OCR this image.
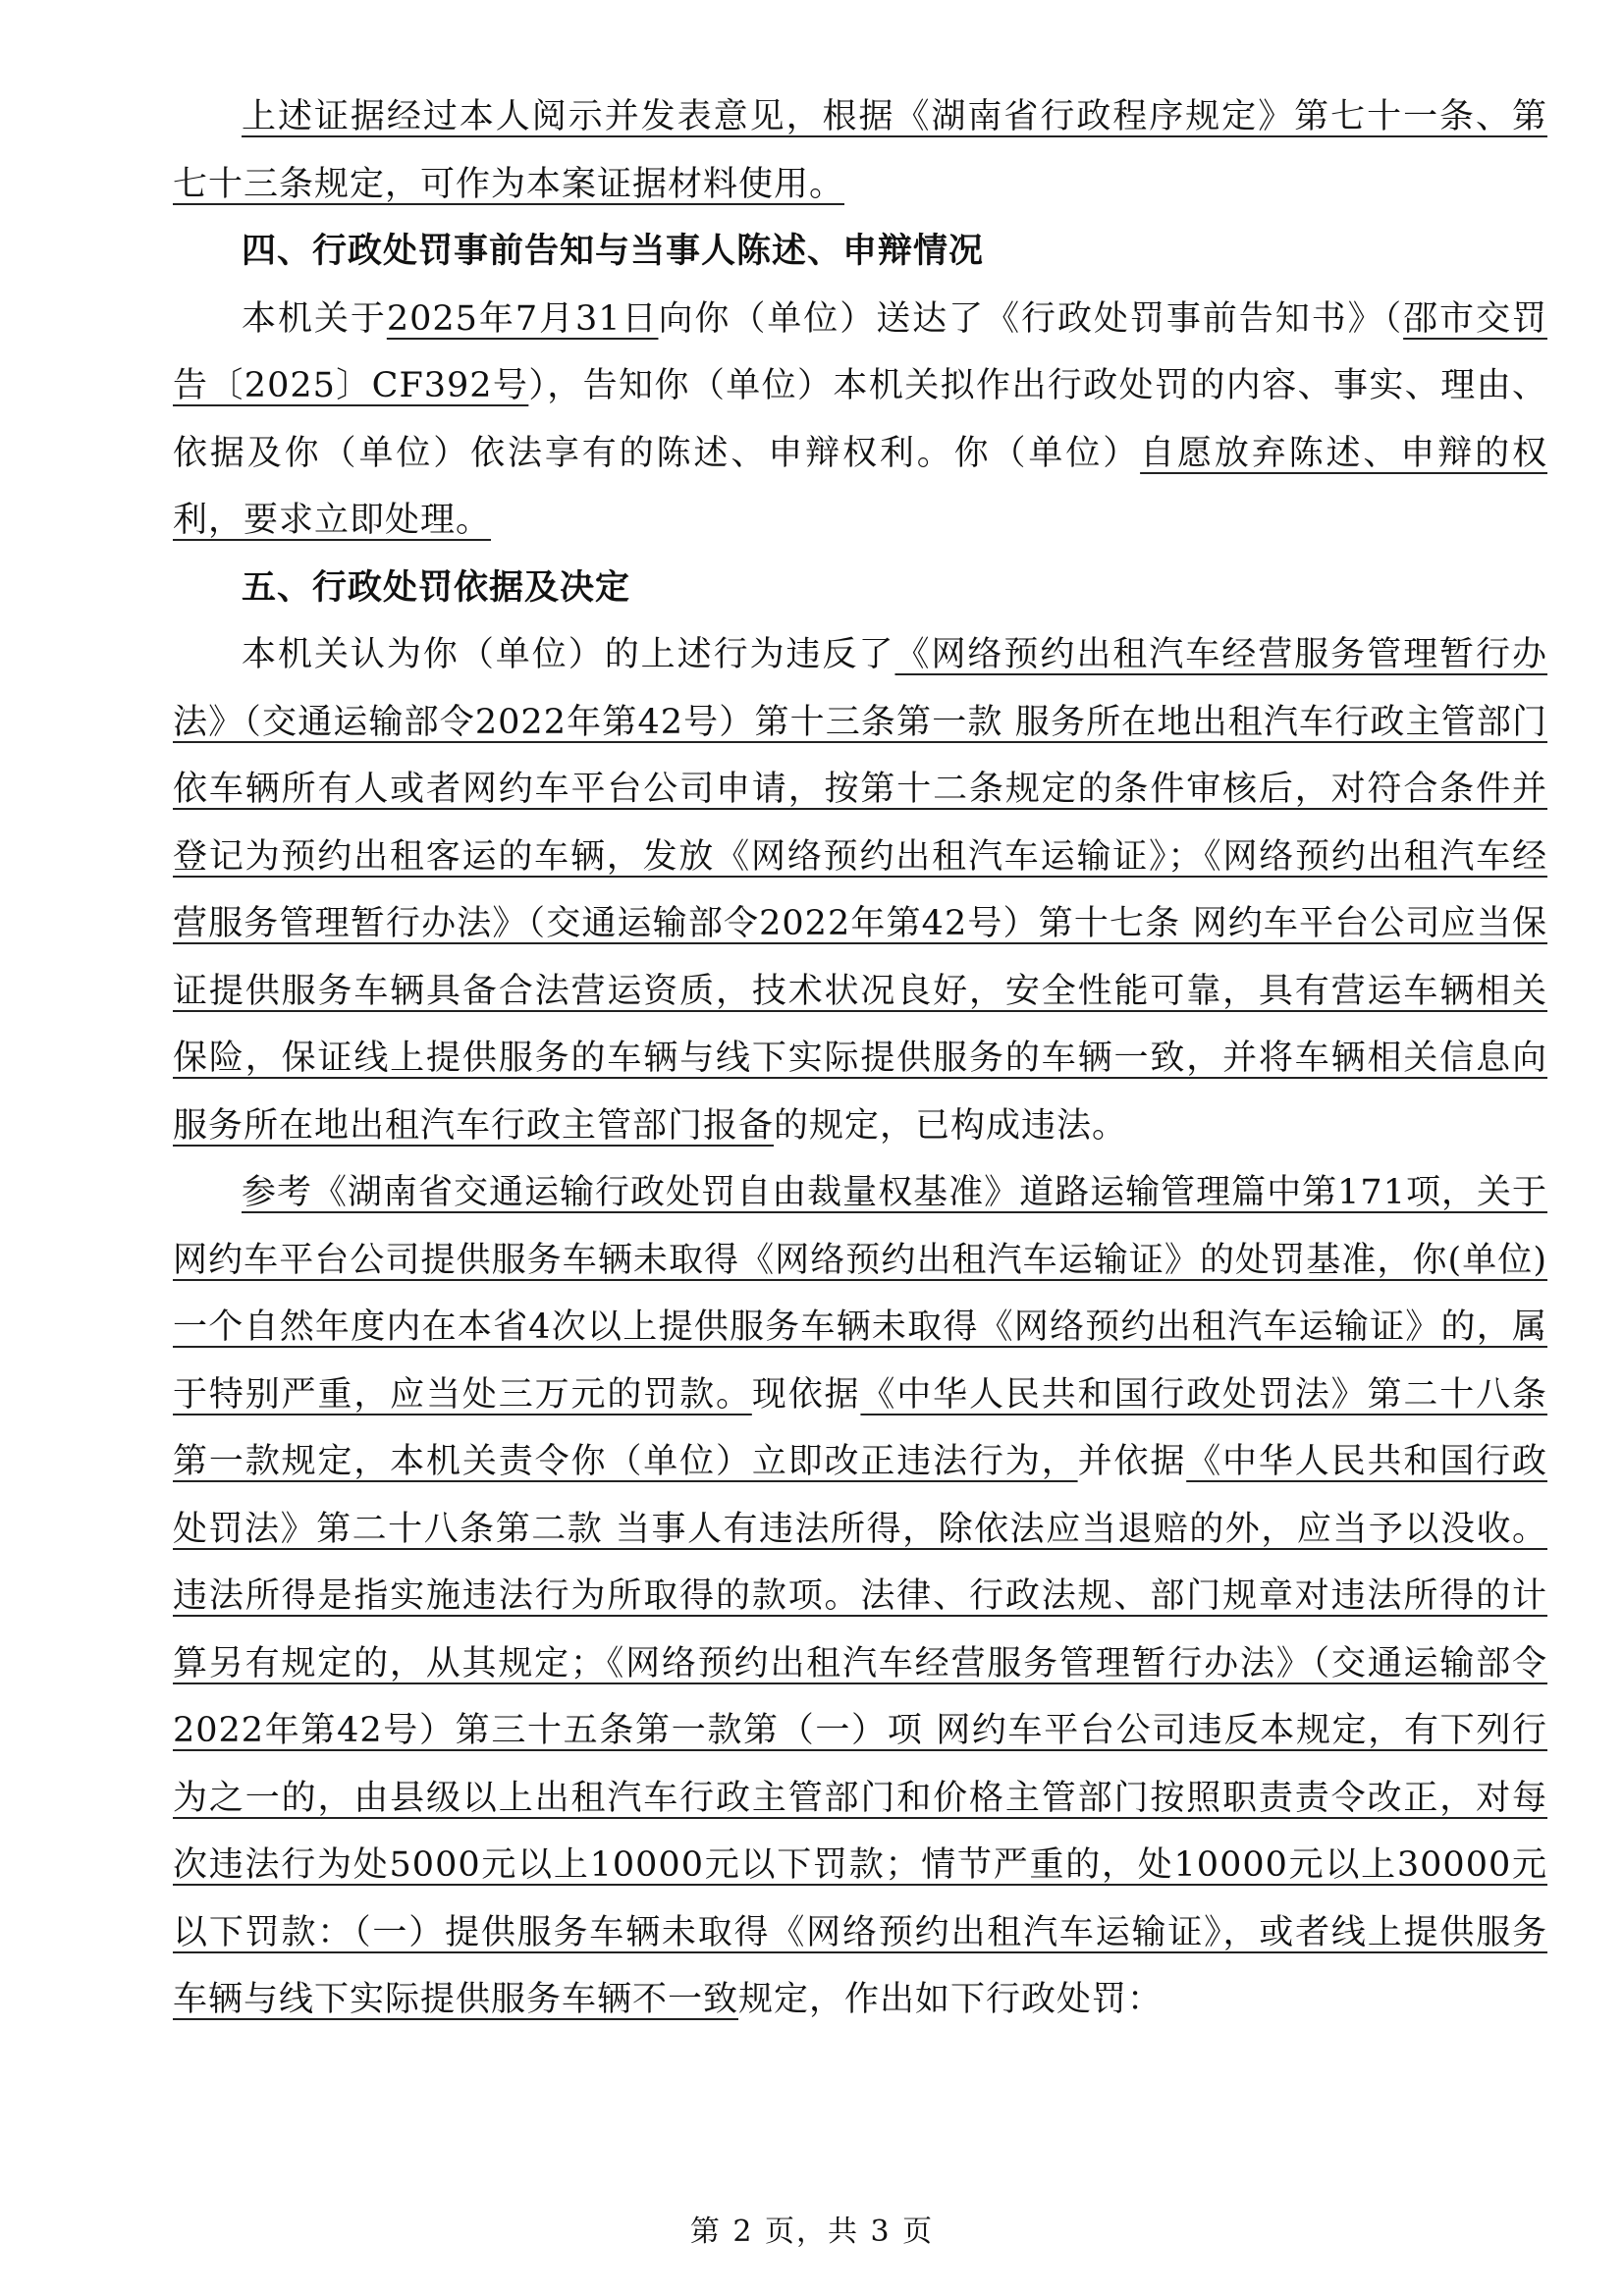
上述证据经过本人阅示并发表意见，根据《湖南省行政程序规定》第七十一条、第七十三条规定，可作为本案证据材料使用。

四、行政处罚事前告知与当事人陈述、申辩情况

本机关于2025年7月31日向你（单位）送达了《行政处罚事前告知书》（邵市交罚告〔2025〕CF392号），告知你（单位）本机关拟作出行政处罚的内容、事实、理由、依据及你（单位）依法享有的陈述、申辩权利。你（单位）自愿放弃陈述、申辩的权利，要求立即处理。

五、行政处罚依据及决定

本机关认为你（单位）的上述行为违反了《网络预约出租汽车经营服务管理暂行办法》（交通运输部令2022年第42号）第十三条第一款 服务所在地出租汽车行政主管部门依车辆所有人或者网约车平台公司申请，按第十二条规定的条件审核后，对符合条件并登记为预约出租客运的车辆，发放《网络预约出租汽车运输证》；《网络预约出租汽车经营服务管理暂行办法》（交通运输部令2022年第42号）第十七条 网约车平台公司应当保证提供服务车辆具备合法营运资质，技术状况良好，安全性能可靠，具有营运车辆相关保险，保证线上提供服务的车辆与线下实际提供服务的车辆一致，并将车辆相关信息向服务所在地出租汽车行政主管部门报备的规定，已构成违法。

参考《湖南省交通运输行政处罚自由裁量权基准》道路运输管理篇中第171项，关于网约车平台公司提供服务车辆未取得《网络预约出租汽车运输证》的处罚基准，你(单位)一个自然年度内在本省4次以上提供服务车辆未取得《网络预约出租汽车运输证》的，属于特别严重，应当处三万元的罚款。现依据《中华人民共和国行政处罚法》第二十八条第一款规定，本机关责令你（单位）立即改正违法行为，并依据《中华人民共和国行政处罚法》第二十八条第二款 当事人有违法所得，除依法应当退赔的外，应当予以没收。违法所得是指实施违法行为所取得的款项。法律、行政法规、部门规章对违法所得的计算另有规定的，从其规定；《网络预约出租汽车经营服务管理暂行办法》（交通运输部令2022年第42号）第三十五条第一款第（一）项 网约车平台公司违反本规定，有下列行为之一的，由县级以上出租汽车行政主管部门和价格主管部门按照职责责令改正，对每次违法行为处5000元以上10000元以下罚款；情节严重的，处10000元以上30000元以下罚款：（一）提供服务车辆未取得《网络预约出租汽车运输证》，或者线上提供服务车辆与线下实际提供服务车辆不一致规定，作出如下行政处罚：

第 2 页，共 3 页
